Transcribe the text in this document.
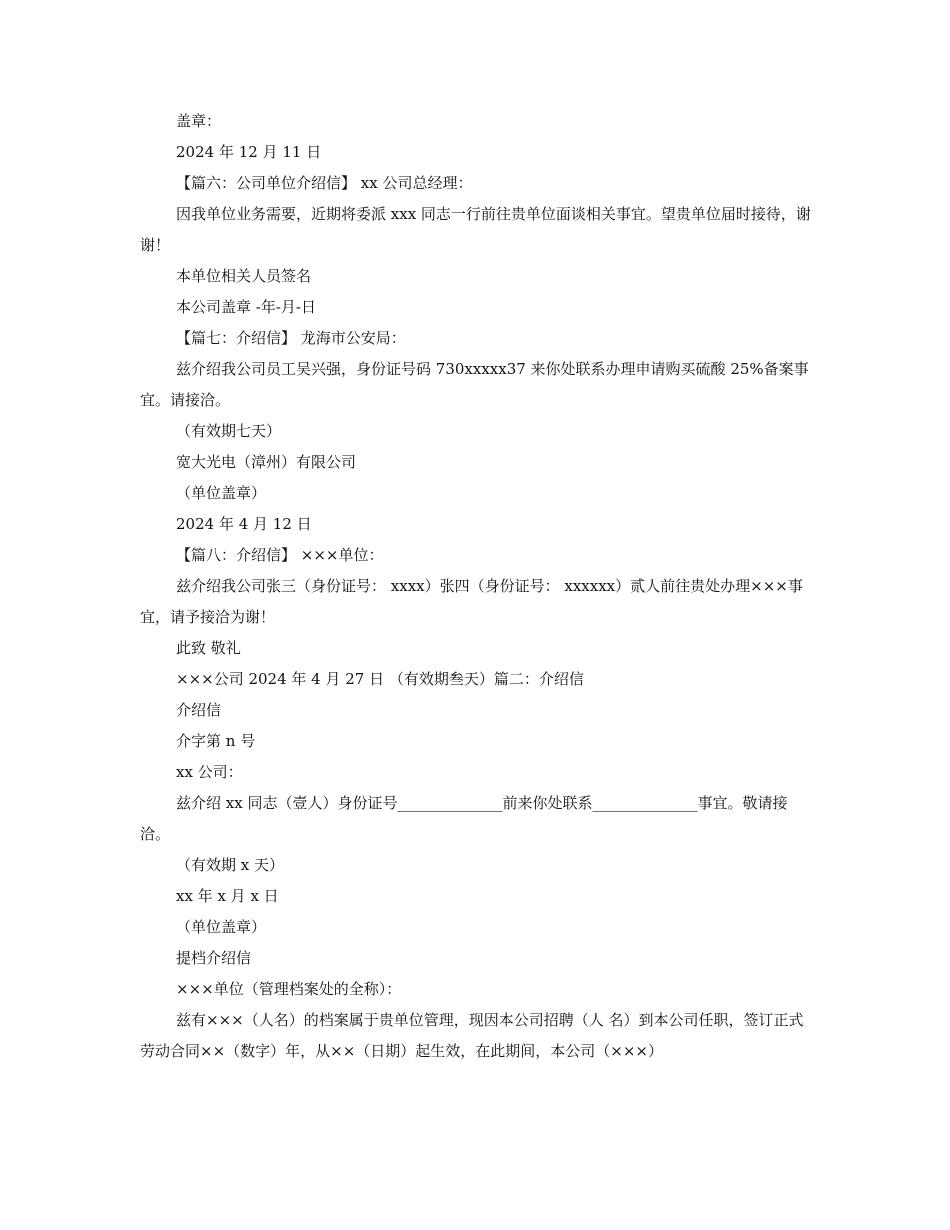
盖章：

2024 年 12 月 11 日

【篇六：公司单位介绍信】 xx 公司总经理：

因我单位业务需要，近期将委派 xxx 同志一行前往贵单位面谈相关事宜。望贵单位届时接待，谢谢！

本单位相关人员签名

本公司盖章 -年-月-日

【篇七：介绍信】 龙海市公安局：

兹介绍我公司员工吴兴强，身份证号码 730xxxxx37 来你处联系办理申请购买硫酸 25%备案事宜。请接洽。

（有效期七天）

宽大光电（漳州）有限公司

（单位盖章）

2024 年 4 月 12 日

【篇八：介绍信】 ×××单位：

兹介绍我公司张三（身份证号： xxxx）张四（身份证号： xxxxxx）贰人前往贵处办理×××事宜，请予接洽为谢！

此致 敬礼

×××公司 2024 年 4 月 27 日 （有效期叁天）篇二：介绍信

介绍信

介字第 n 号

xx 公司：

兹介绍 xx 同志（壹人）身份证号______________前来你处联系______________事宜。敬请接洽。

（有效期 x 天）

xx 年 x 月 x 日

（单位盖章）

提档介绍信

×××单位（管理档案处的全称）：

兹有×××（人名）的档案属于贵单位管理，现因本公司招聘（人 名）到本公司任职，签订正式劳动合同××（数字）年，从××（日期）起生效，在此期间，本公司（×××）
